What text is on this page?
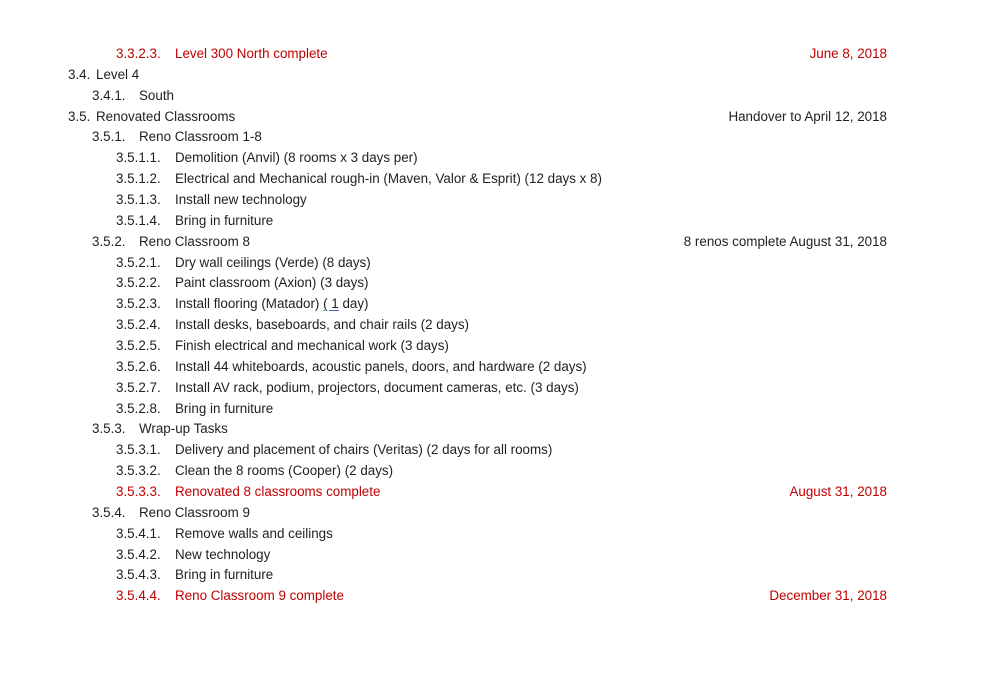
3.3.2.3. Level 300 North complete	June 8, 2018
3.4. Level 4
3.4.1. South
3.5. Renovated Classrooms	Handover to April 12, 2018
3.5.1. Reno Classroom 1-8
3.5.1.1. Demolition (Anvil) (8 rooms x 3 days per)
3.5.1.2. Electrical and Mechanical rough-in (Maven, Valor & Esprit) (12 days x 8)
3.5.1.3. Install new technology
3.5.1.4. Bring in furniture
3.5.2. Reno Classroom 8	8 renos complete August 31, 2018
3.5.2.1. Dry wall ceilings (Verde) (8 days)
3.5.2.2. Paint classroom (Axion) (3 days)
3.5.2.3. Install flooring (Matador) ( 1 day)
3.5.2.4. Install desks, baseboards, and chair rails (2 days)
3.5.2.5. Finish electrical and mechanical work (3 days)
3.5.2.6. Install 44 whiteboards, acoustic panels, doors, and hardware (2 days)
3.5.2.7. Install AV rack, podium, projectors, document cameras, etc. (3 days)
3.5.2.8. Bring in furniture
3.5.3. Wrap-up Tasks
3.5.3.1. Delivery and placement of chairs (Veritas) (2 days for all rooms)
3.5.3.2. Clean the 8 rooms (Cooper) (2 days)
3.5.3.3. Renovated 8 classrooms complete	August 31, 2018
3.5.4. Reno Classroom 9
3.5.4.1. Remove walls and ceilings
3.5.4.2. New technology
3.5.4.3. Bring in furniture
3.5.4.4. Reno Classroom 9 complete	December 31, 2018
